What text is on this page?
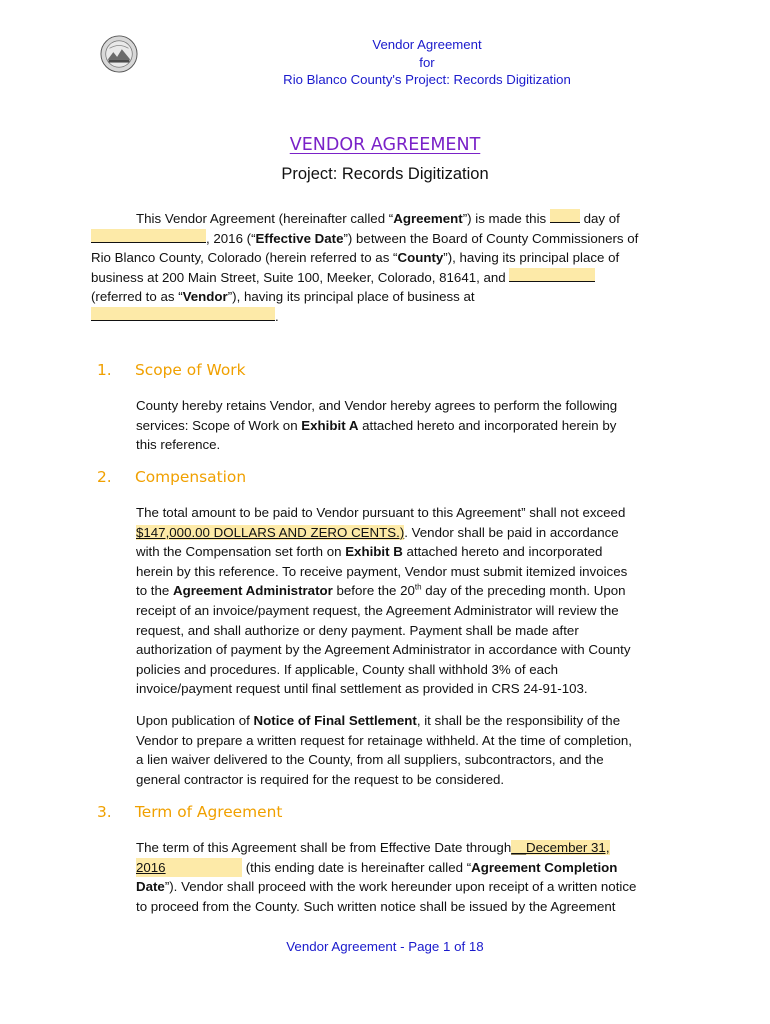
Vendor Agreement
for
Rio Blanco County's Project: Records Digitization
VENDOR AGREEMENT
Project: Records Digitization
This Vendor Agreement (hereinafter called “Agreement”) is made this  day of
, 2016 (“Effective Date”) between the Board of County Commissioners of
Rio Blanco County, Colorado (herein referred to as “County”), having its principal place of
business at 200 Main Street, Suite 100, Meeker, Colorado, 81641, and
(referred to as “Vendor”), having its principal place of business at
.
1. Scope of Work
County hereby retains Vendor, and Vendor hereby agrees to perform the following
services: Scope of Work on Exhibit A attached hereto and incorporated herein by
this reference.
2. Compensation
The total amount to be paid to Vendor pursuant to this Agreement” shall not exceed
$147,000.00 DOLLARS AND ZERO CENTS.). Vendor shall be paid in accordance
with the Compensation set forth on Exhibit B attached hereto and incorporated
herein by this reference. To receive payment, Vendor must submit itemized invoices
to the Agreement Administrator before the 20th day of the preceding month. Upon
receipt of an invoice/payment request, the Agreement Administrator will review the
request, and shall authorize or deny payment. Payment shall be made after
authorization of payment by the Agreement Administrator in accordance with County
policies and procedures. If applicable, County shall withhold 3% of each
invoice/payment request until final settlement as provided in CRS 24-91-103.
Upon publication of Notice of Final Settlement, it shall be the responsibility of the
Vendor to prepare a written request for retainage withheld. At the time of completion,
a lien waiver delivered to the County, from all suppliers, subcontractors, and the
general contractor is required for the request to be considered.
3. Term of Agreement
The term of this Agreement shall be from Effective Date through__December 31,
2016	(this ending date is hereinafter called “Agreement Completion
Date”). Vendor shall proceed with the work hereunder upon receipt of a written notice
to proceed from the County. Such written notice shall be issued by the Agreement
Vendor Agreement - Page 1 of 18
